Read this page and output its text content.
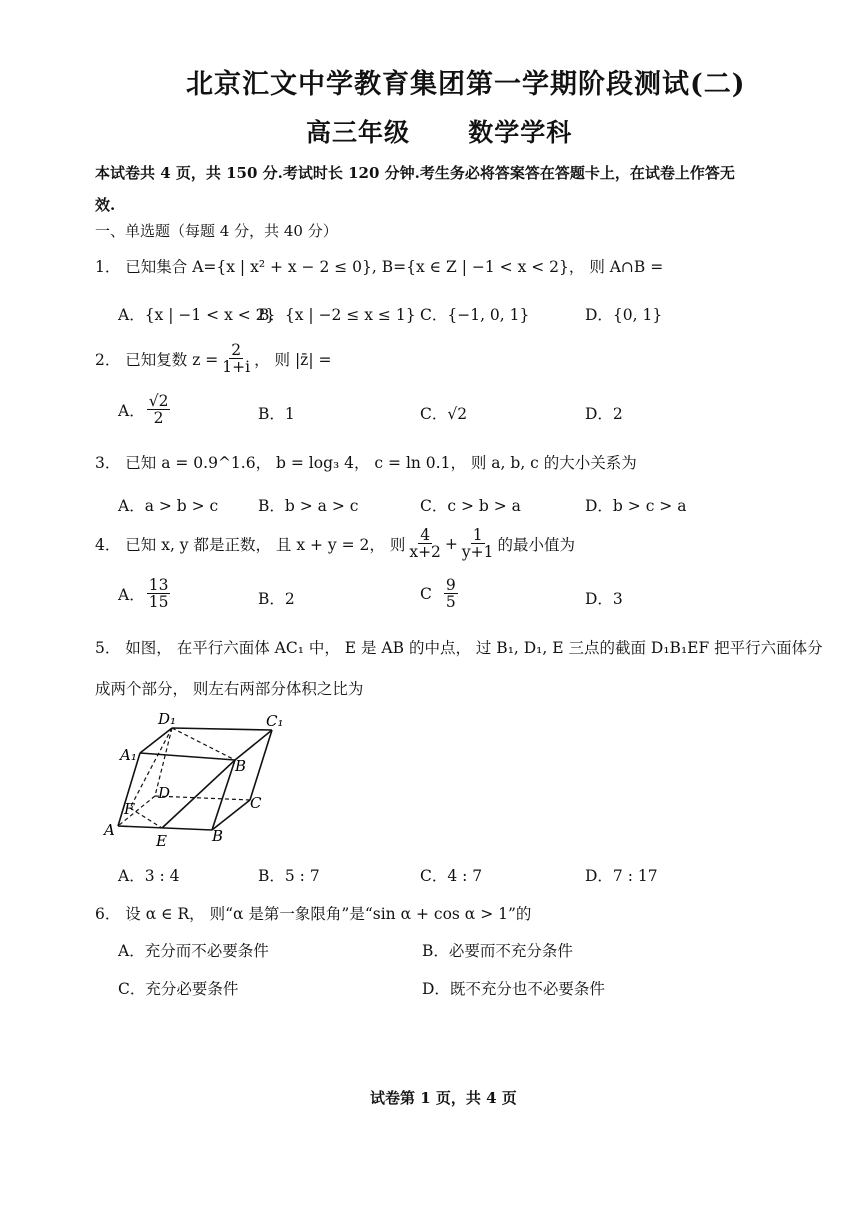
北京汇文中学教育集团第一学期阶段测试(二)
高三年级      数学学科
本试卷共 4 页，共 150 分.考试时长 120 分钟.考生务必将答案答在答题卡上，在试卷上作答无
效.
一、单选题（每题 4 分，共 40 分）
1． 已知集合 A={x | x² + x − 2 ≤ 0}, B={x ∈ Z | −1 < x < 2}， 则 A∩B =
A．{x | −1 < x < 2}
B．{x | −2 ≤ x ≤ 1} C．{−1, 0, 1}	D．{0, 1}
2． 已知复数 $z = \frac{2}{1+i}$ ， 则 |z̄| =
A． $\frac{√2}{2}$	B．1	C．√2	D．2
3． 已知 a = 0.9^1.6， b = log₃ 4， c = ln 0.1， 则 a, b, c 的大小关系为
A．a > b > c	B．b > a > c	C．c > b > a	D．b > c > a
4． 已知 x, y 都是正数， 且 x + y = 2， 则 $\frac{4}{x+2} + \frac{1}{y+1}$ 的最小值为
A． $\frac{13}{15}$	B．2	C $\frac{9}{5}$	D．3
5． 如图， 在平行六面体 AC₁ 中， E 是 AB 的中点， 过 B₁, D₁, E 三点的截面 D₁B₁EF 把平行六面体分
成两个部分， 则左右两部分体积之比为
D₁	C₁
A₁
B
D
C
F
A
E	B
A．3 : 4	B．5 : 7	C．4 : 7	D．7 : 17
6． 设 α ∈ R， 则“α 是第一象限角”是“sin α + cos α > 1”的
A．充分而不必要条件	B．必要而不充分条件
C．充分必要条件	D．既不充分也不必要条件
试卷第 1 页，共 4 页
